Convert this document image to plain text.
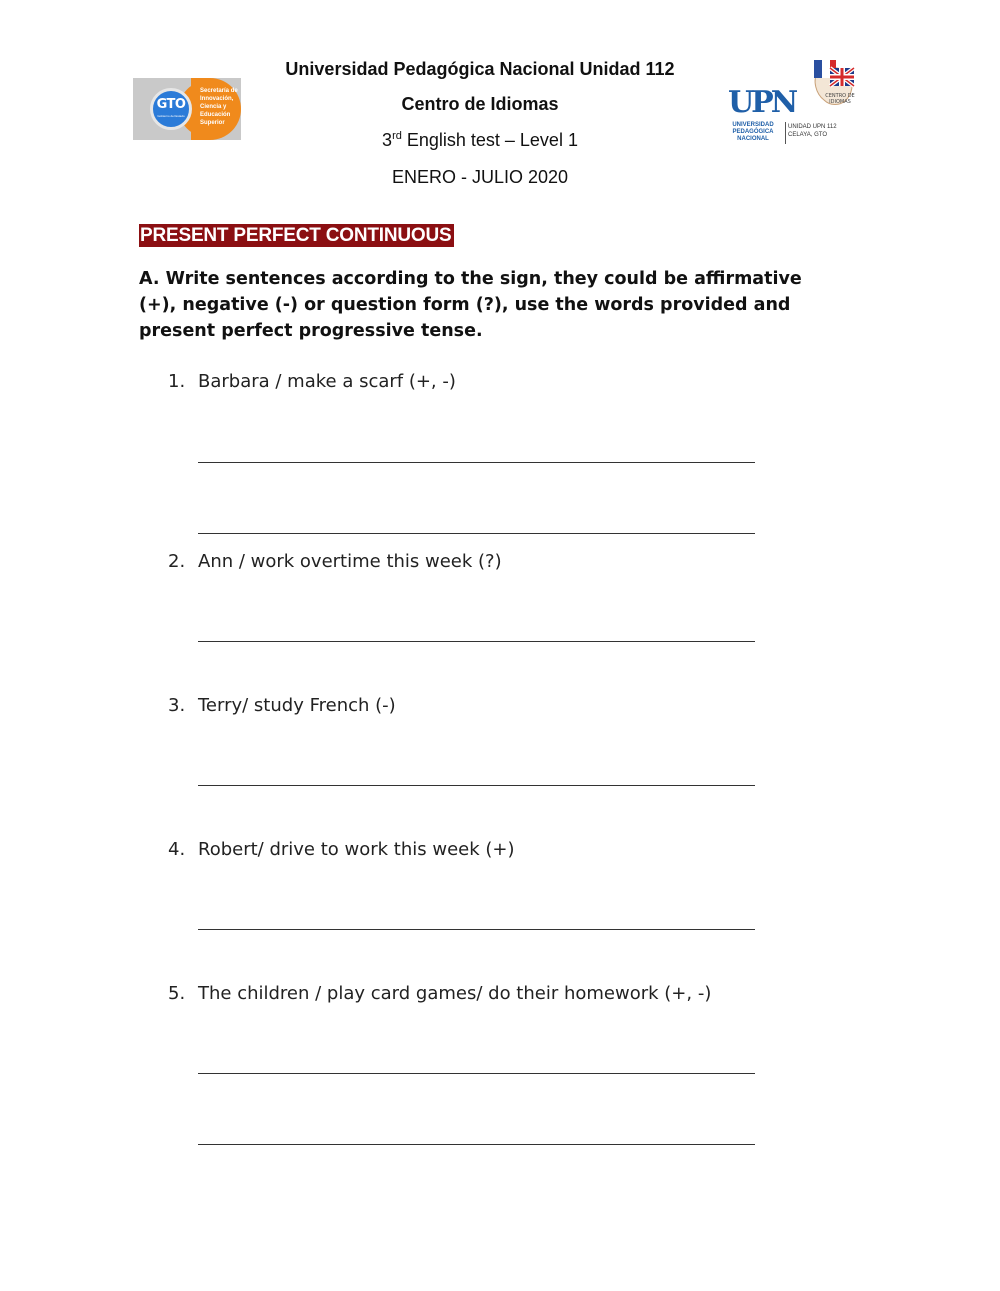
Universidad Pedagógica Nacional Unidad 112
Centro de Idiomas
3rd English test – Level 1
ENERO - JULIO 2020
GTO
Gobierno del Estado
Secretaría de
Innovación,
Ciencia y
Educación
Superior
CENTRO DE
IDIOMAS
UPN
UNIVERSIDAD
PEDAGÓGICA
NACIONAL
UNIDAD UPN 112
CELAYA, GTO
PRESENT PERFECT CONTINUOUS
A. Write sentences according to the sign, they could be affirmative (+), negative (-) or question form (?), use the words provided and present perfect progressive tense.
1. Barbara / make a scarf (+, -)
2. Ann / work overtime this week (?)
3. Terry/ study French (-)
4. Robert/ drive to work this week (+)
5. The children / play card games/ do their homework (+, -)
